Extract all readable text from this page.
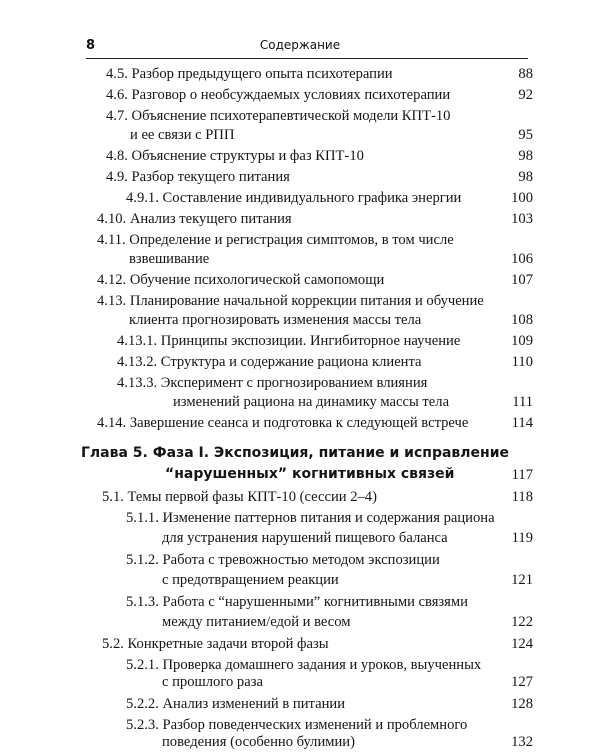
8	Содержание
4.5. Разбор предыдущего опыта психотерапии	88
4.6. Разговор о необсуждаемых условиях психотерапии	92
4.7. Объяснение психотерапевтической модели КПТ-10
и ее связи с РПП	95
4.8. Объяснение структуры и фаз КПТ-10	98
4.9. Разбор текущего питания	98
4.9.1. Составление индивидуального графика энергии	100
4.10. Анализ текущего питания	103
4.11. Определение и регистрация симптомов, в том числе
взвешивание	106
4.12. Обучение психологической самопомощи	107
4.13. Планирование начальной коррекции питания и обучение
клиента прогнозировать изменения массы тела	108
4.13.1. Принципы экспозиции. Ингибиторное научение	109
4.13.2. Структура и содержание рациона клиента	110
4.13.3. Эксперимент с прогнозированием влияния
изменений рациона на динамику массы тела	111
4.14. Завершение сеанса и подготовка к следующей встрече	114
Глава 5. Фаза I. Экспозиция, питание и исправление
“нарушенных” когнитивных связей	117
5.1. Темы первой фазы КПТ-10 (сессии 2–4)	118
5.1.1. Изменение паттернов питания и содержания рациона
для устранения нарушений пищевого баланса	119
5.1.2. Работа с тревожностью методом экспозиции
с предотвращением реакции	121
5.1.3. Работа с “нарушенными” когнитивными связями
между питанием/едой и весом	122
5.2. Конкретные задачи второй фазы	124
5.2.1. Проверка домашнего задания и уроков, выученных
с прошлого раза	127
5.2.2. Анализ изменений в питании	128
5.2.3. Разбор поведенческих изменений и проблемного
поведения (особенно булимии)	132
